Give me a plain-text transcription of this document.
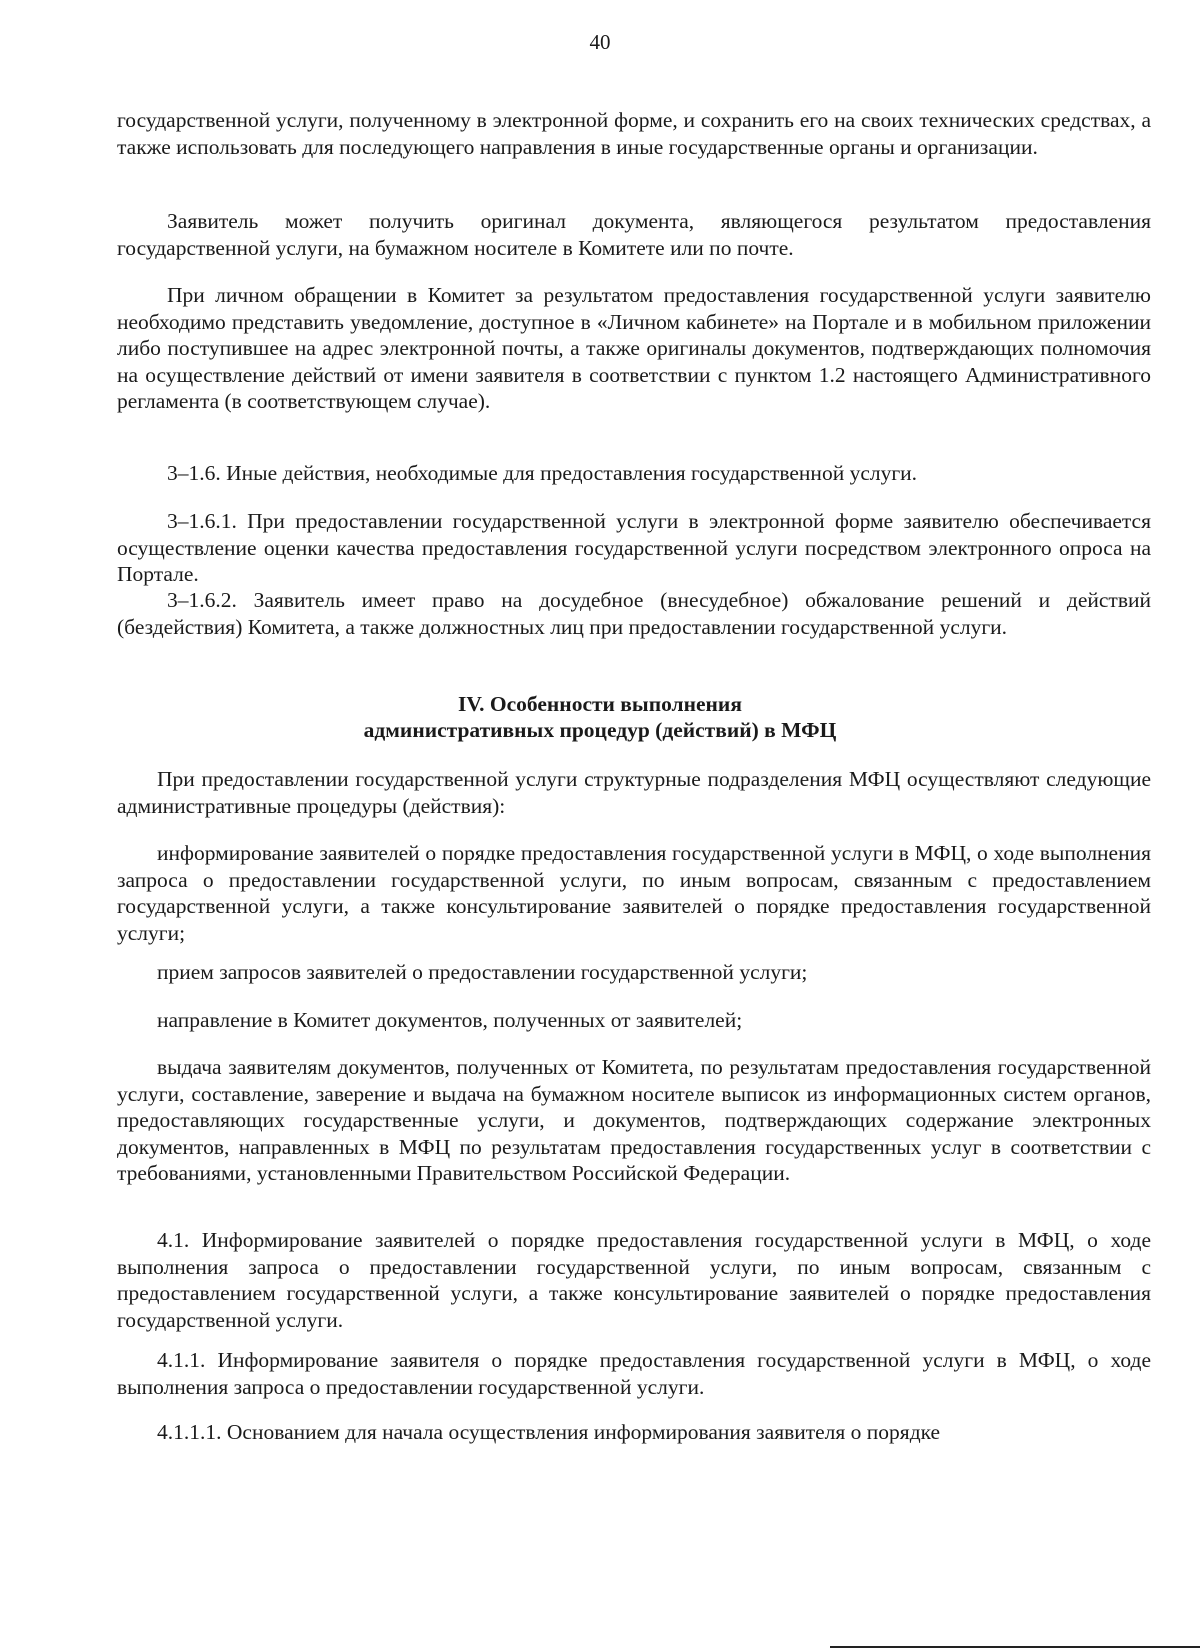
40

государственной услуги, полученному в электронной форме, и сохранить его на своих технических средствах, а также использовать для последующего направления в иные государственные органы и организации.

Заявитель может получить оригинал документа, являющегося результатом предоставления государственной услуги, на бумажном носителе в Комитете или по почте.

При личном обращении в Комитет за результатом предоставления государственной услуги заявителю необходимо представить уведомление, доступное в «Личном кабинете» на Портале и в мобильном приложении либо поступившее на адрес электронной почты, а также оригиналы документов, подтверждающих полномочия на осуществление действий от имени заявителя в соответствии с пунктом 1.2 настоящего Административного регламента (в соответствующем случае).

3–1.6. Иные действия, необходимые для предоставления государственной услуги.

3–1.6.1. При предоставлении государственной услуги в электронной форме заявителю обеспечивается осуществление оценки качества предоставления государственной услуги посредством электронного опроса на Портале.

3–1.6.2. Заявитель имеет право на досудебное (внесудебное) обжалование решений и действий (бездействия) Комитета, а также должностных лиц при предоставлении государственной услуги.

IV. Особенности выполнения

административных процедур (действий) в МФЦ

При предоставлении государственной услуги структурные подразделения МФЦ осуществляют следующие административные процедуры (действия):

информирование заявителей о порядке предоставления государственной услуги в МФЦ, о ходе выполнения запроса о предоставлении государственной услуги, по иным вопросам, связанным с предоставлением государственной услуги, а также консультирование заявителей о порядке предоставления государственной услуги;

прием запросов заявителей о предоставлении государственной услуги;

направление в Комитет документов, полученных от заявителей;

выдача заявителям документов, полученных от Комитета, по результатам предоставления государственной услуги, составление, заверение и выдача на бумажном носителе выписок из информационных систем органов, предоставляющих государственные услуги, и документов, подтверждающих содержание электронных документов, направленных в МФЦ по результатам предоставления государственных услуг в соответствии с требованиями, установленными Правительством Российской Федерации.

4.1. Информирование заявителей о порядке предоставления государственной услуги в МФЦ, о ходе выполнения запроса о предоставлении государственной услуги, по иным вопросам, связанным с предоставлением государственной услуги, а также консультирование заявителей о порядке предоставления государственной услуги.

4.1.1. Информирование заявителя о порядке предоставления государственной услуги в МФЦ, о ходе выполнения запроса о предоставлении государственной услуги.

4.1.1.1. Основанием для начала осуществления информирования заявителя о порядке
